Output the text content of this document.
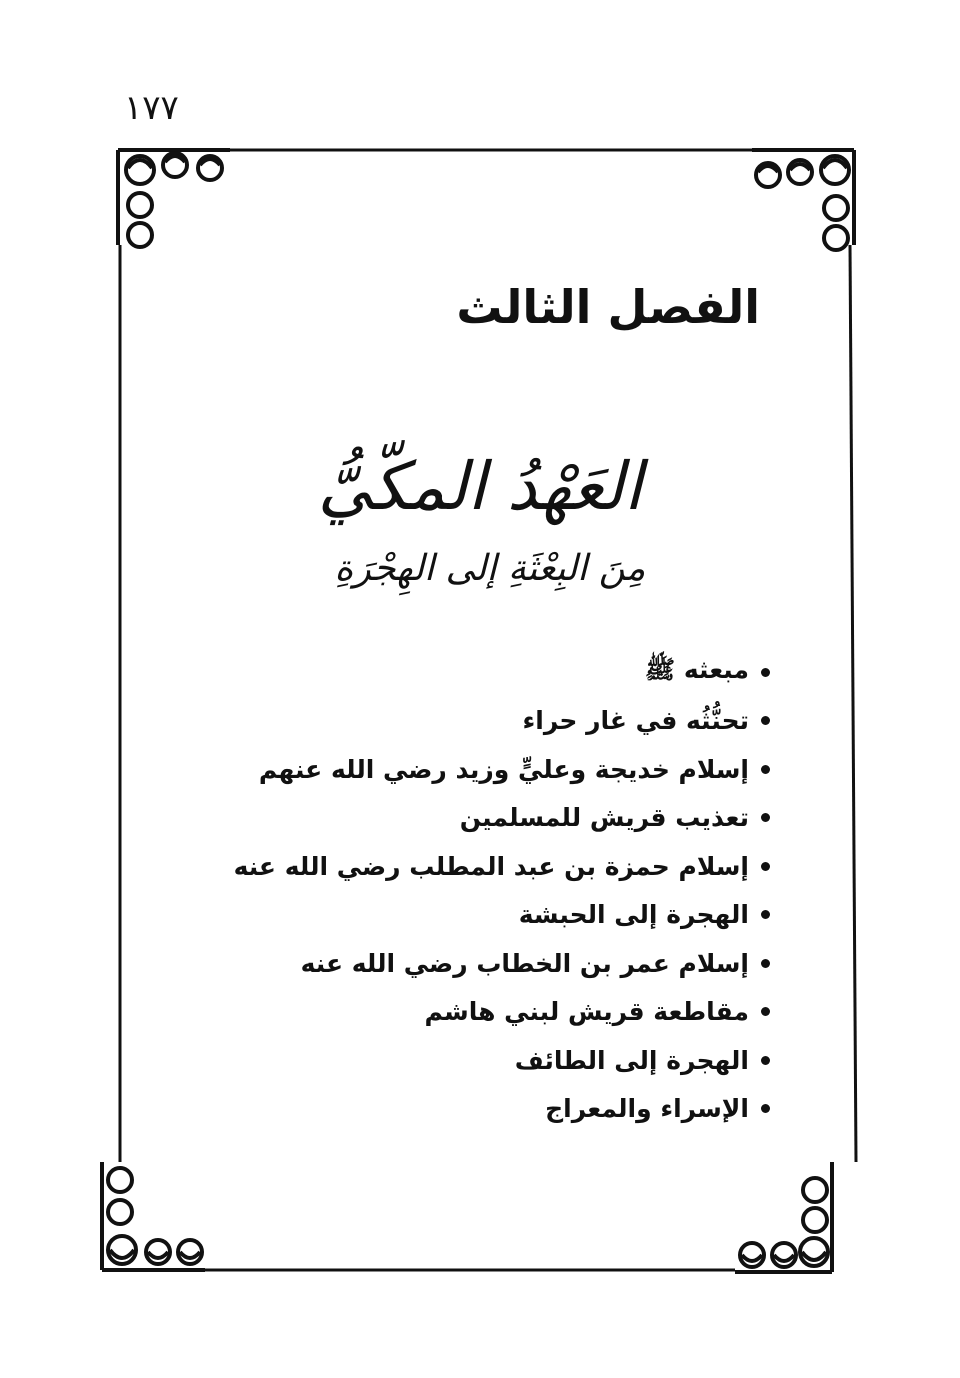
١٧٧
الفصل الثالث
العَهْدُ المكّيُّ
مِنَ البِعْثَةِ إلى الهِجْرَةِ
مبعثه ﷺ
تحنُّثُه في غار حراء
إسلام خديجة وعليٍّ وزيد رضي الله عنهم
تعذيب قريش للمسلمين
إسلام حمزة بن عبد المطلب رضي الله عنه
الهجرة إلى الحبشة
إسلام عمر بن الخطاب رضي الله عنه
مقاطعة قريش لبني هاشم
الهجرة إلى الطائف
الإسراء والمعراج
